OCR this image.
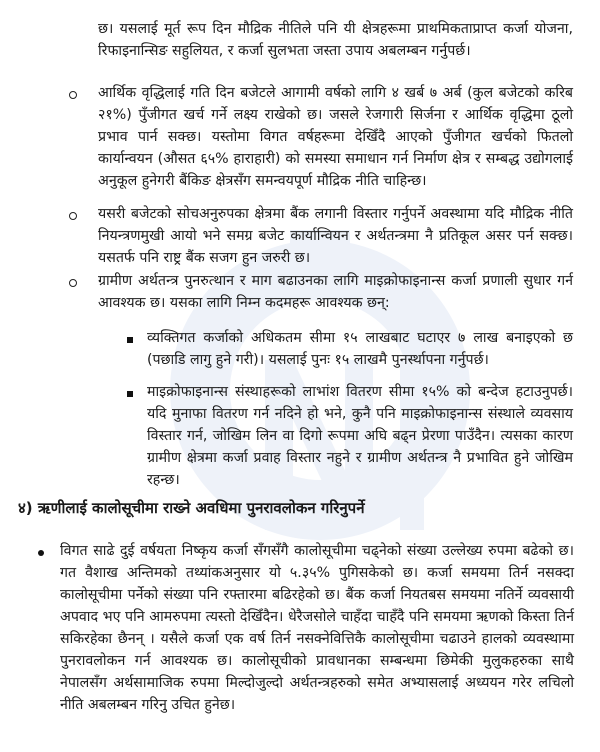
छ। यसलाई मूर्त रूप दिन मौद्रिक नीतिले पनि यी क्षेत्रहरूमा प्राथमिकताप्राप्त कर्जा योजना, रिफाइनान्सिङ सहुलियत, र कर्जा सुलभता जस्ता उपाय अबलम्बन गर्नुपर्छ।
आर्थिक वृद्धिलाई गति दिन बजेटले आगामी वर्षको लागि ४ खर्ब ७ अर्ब (कुल बजेटको करिब २१%) पुँजीगत खर्च गर्ने लक्ष्य राखेको छ। जसले रेजगारी सिर्जना र आर्थिक वृद्धिमा ठूलो प्रभाव पार्न सक्छ। यस्तोमा विगत वर्षहरूमा देखिँदै आएको पुँजीगत खर्चको फितलो कार्यान्वयन (औसत ६५% हाराहारी) को समस्या समाधान गर्न निर्माण क्षेत्र र सम्बद्ध उद्योगलाई अनुकूल हुनेगरी बैंकिङ क्षेत्रसँग समन्वयपूर्ण मौद्रिक नीति चाहिन्छ।
यसरी बजेटको सोचअनुरुपका क्षेत्रमा बैंक लगानी विस्तार गर्नुपर्ने अवस्थामा यदि मौद्रिक नीति नियन्त्रणमुखी आयो भने समग्र बजेट कार्यान्वियन र अर्थतन्त्रमा नै प्रतिकूल असर पर्न सक्छ। यसतर्फ पनि राष्ट्र बैंक सजग हुन जरुरी छ।
ग्रामीण अर्थतन्त्र पुनरुत्थान र माग बढाउनका लागि माइक्रोफाइनान्स कर्जा प्रणाली सुधार गर्न आवश्यक छ। यसका लागि निम्न कदमहरू आवश्यक छन्:
व्यक्तिगत कर्जाको अधिकतम सीमा १५ लाखबाट घटाएर ७ लाख बनाइएको छ (पछाडि लागु हुने गरी)। यसलाई पुनः १५ लाखमै पुनर्स्थापना गर्नुपर्छ।
माइक्रोफाइनान्स संस्थाहरूको लाभांश वितरण सीमा १५% को बन्देज हटाउनुपर्छ। यदि मुनाफा वितरण गर्न नदिने हो भने, कुनै पनि माइक्रोफाइनान्स संस्थाले व्यवसाय विस्तार गर्न, जोखिम लिन वा दिगो रूपमा अघि बढ्न प्रेरणा पाउँदैन। त्यसका कारण ग्रामीण क्षेत्रमा कर्जा प्रवाह विस्तार नहुने र ग्रामीण अर्थतन्त्र नै प्रभावित हुने जोखिम रहन्छ।
४) ऋणीलाई कालोसूचीमा राख्ने अवधिमा पुनरावलोकन गरिनुपर्ने
विगत साढे दुई वर्षयता निष्कृय कर्जा सँगसँगै कालोसूचीमा चढ्नेको संख्या उल्लेख्य रुपमा बढेको छ। गत वैशाख अन्तिमको तथ्यांकअनुसार यो ५.३५% पुगिसकेको छ। कर्जा समयमा तिर्न नसक्दा कालोसूचीमा पर्नेको संख्या पनि रफ्तारमा बढिरहेको छ। बैंक कर्जा नियतबस समयमा नतिर्ने व्यवसायी अपवाद भए पनि आमरुपमा त्यस्तो देखिँदैन। धेरैजसोले चाहँदा चाहँदै पनि समयमा ऋणको किस्ता तिर्न सकिरहेका छैनन् । यसैले कर्जा एक वर्ष तिर्न नसक्नेवित्तिकै कालोसूचीमा चढाउने हालको व्यवस्थामा पुनरावलोकन गर्न आवश्यक छ। कालोसूचीको प्रावधानका सम्बन्धमा छिमेकी मुलुकहरुका साथै नेपालसँग अर्थसामाजिक रुपमा मिल्दोजुल्दो अर्थतन्त्रहरुको समेत अभ्यासलाई अध्ययन गरेर लचिलो नीति अबलम्बन गरिनु उचित हुनेछ।
